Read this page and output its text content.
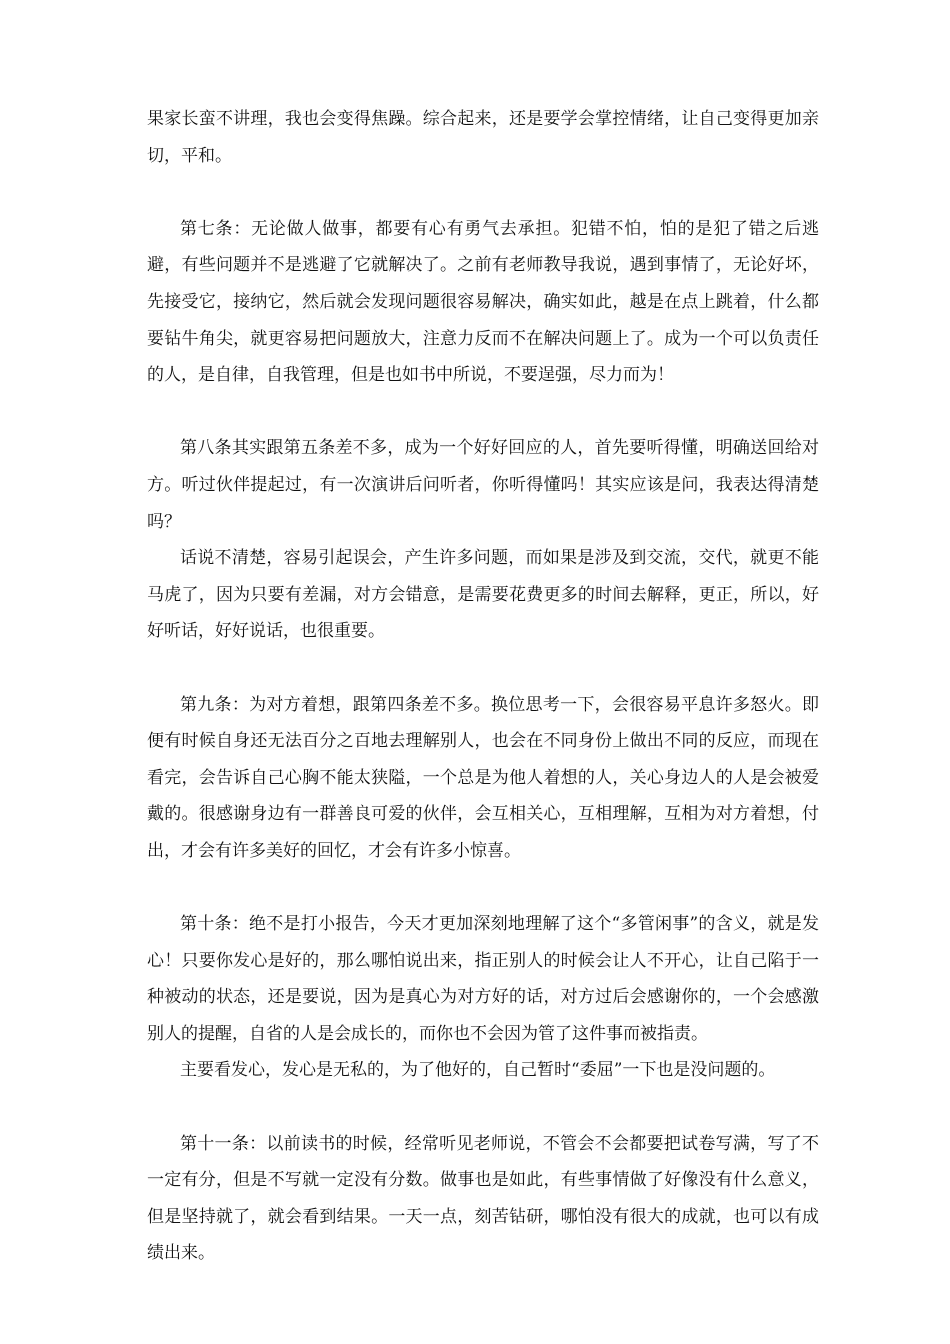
果家长蛮不讲理，我也会变得焦躁。综合起来，还是要学会掌控情绪，让自己变得更加亲切，平和。

第七条：无论做人做事，都要有心有勇气去承担。犯错不怕，怕的是犯了错之后逃避，有些问题并不是逃避了它就解决了。之前有老师教导我说，遇到事情了，无论好坏，先接受它，接纳它，然后就会发现问题很容易解决，确实如此，越是在点上跳着，什么都要钻牛角尖，就更容易把问题放大，注意力反而不在解决问题上了。成为一个可以负责任的人，是自律，自我管理，但是也如书中所说，不要逞强，尽力而为！

第八条其实跟第五条差不多，成为一个好好回应的人，首先要听得懂，明确送回给对方。听过伙伴提起过，有一次演讲后问听者，你听得懂吗！其实应该是问，我表达得清楚吗？

话说不清楚，容易引起误会，产生许多问题，而如果是涉及到交流，交代，就更不能马虎了，因为只要有差漏，对方会错意，是需要花费更多的时间去解释，更正，所以，好好听话，好好说话，也很重要。

第九条：为对方着想，跟第四条差不多。换位思考一下，会很容易平息许多怒火。即便有时候自身还无法百分之百地去理解别人，也会在不同身份上做出不同的反应，而现在看完，会告诉自己心胸不能太狭隘，一个总是为他人着想的人，关心身边人的人是会被爱戴的。很感谢身边有一群善良可爱的伙伴，会互相关心，互相理解，互相为对方着想，付出，才会有许多美好的回忆，才会有许多小惊喜。

第十条：绝不是打小报告，今天才更加深刻地理解了这个“多管闲事”的含义，就是发心！只要你发心是好的，那么哪怕说出来，指正别人的时候会让人不开心，让自己陷于一种被动的状态，还是要说，因为是真心为对方好的话，对方过后会感谢你的，一个会感激别人的提醒，自省的人是会成长的，而你也不会因为管了这件事而被指责。

主要看发心，发心是无私的，为了他好的，自己暂时“委屈”一下也是没问题的。

第十一条：以前读书的时候，经常听见老师说，不管会不会都要把试卷写满，写了不一定有分，但是不写就一定没有分数。做事也是如此，有些事情做了好像没有什么意义，但是坚持就了，就会看到结果。一天一点，刻苦钻研，哪怕没有很大的成就，也可以有成绩出来。
